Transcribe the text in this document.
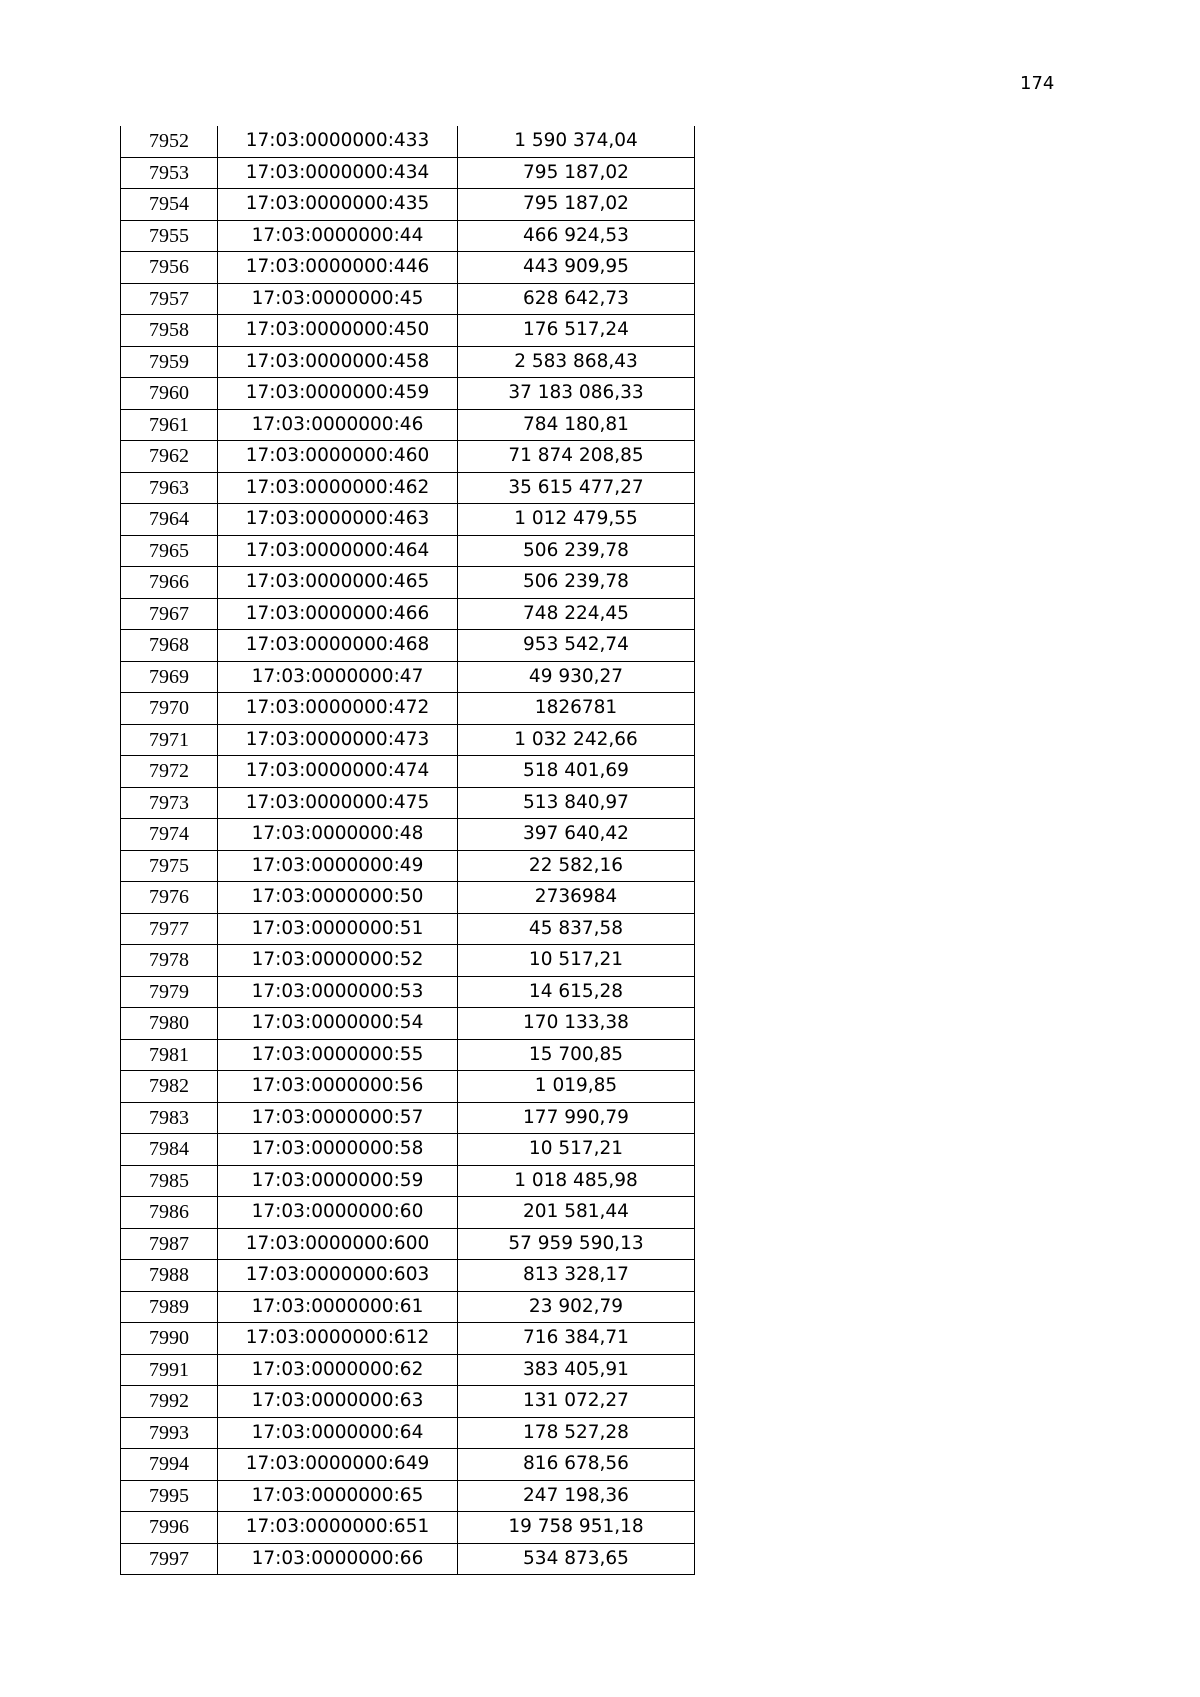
174
7952	17:03:0000000:433	1 590 374,04
7953	17:03:0000000:434	795 187,02
7954	17:03:0000000:435	795 187,02
7955	17:03:0000000:44	466 924,53
7956	17:03:0000000:446	443 909,95
7957	17:03:0000000:45	628 642,73
7958	17:03:0000000:450	176 517,24
7959	17:03:0000000:458	2 583 868,43
7960	17:03:0000000:459	37 183 086,33
7961	17:03:0000000:46	784 180,81
7962	17:03:0000000:460	71 874 208,85
7963	17:03:0000000:462	35 615 477,27
7964	17:03:0000000:463	1 012 479,55
7965	17:03:0000000:464	506 239,78
7966	17:03:0000000:465	506 239,78
7967	17:03:0000000:466	748 224,45
7968	17:03:0000000:468	953 542,74
7969	17:03:0000000:47	49 930,27
7970	17:03:0000000:472	1826781
7971	17:03:0000000:473	1 032 242,66
7972	17:03:0000000:474	518 401,69
7973	17:03:0000000:475	513 840,97
7974	17:03:0000000:48	397 640,42
7975	17:03:0000000:49	22 582,16
7976	17:03:0000000:50	2736984
7977	17:03:0000000:51	45 837,58
7978	17:03:0000000:52	10 517,21
7979	17:03:0000000:53	14 615,28
7980	17:03:0000000:54	170 133,38
7981	17:03:0000000:55	15 700,85
7982	17:03:0000000:56	1 019,85
7983	17:03:0000000:57	177 990,79
7984	17:03:0000000:58	10 517,21
7985	17:03:0000000:59	1 018 485,98
7986	17:03:0000000:60	201 581,44
7987	17:03:0000000:600	57 959 590,13
7988	17:03:0000000:603	813 328,17
7989	17:03:0000000:61	23 902,79
7990	17:03:0000000:612	716 384,71
7991	17:03:0000000:62	383 405,91
7992	17:03:0000000:63	131 072,27
7993	17:03:0000000:64	178 527,28
7994	17:03:0000000:649	816 678,56
7995	17:03:0000000:65	247 198,36
7996	17:03:0000000:651	19 758 951,18
7997	17:03:0000000:66	534 873,65
